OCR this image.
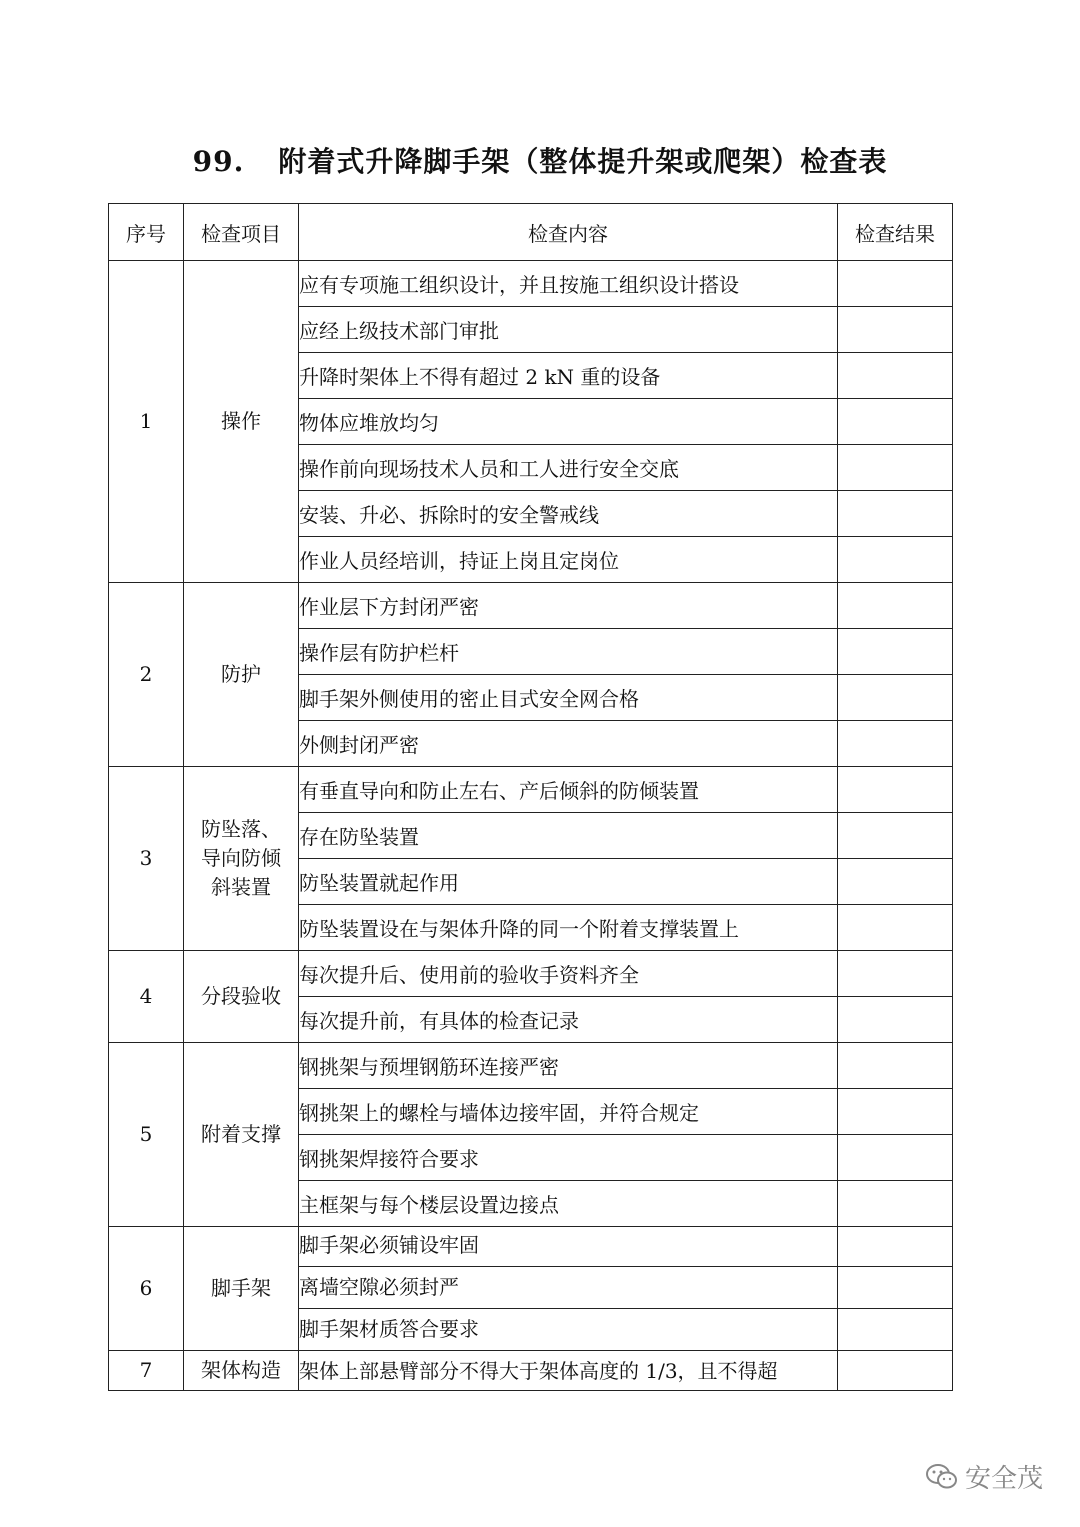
99. 附着式升降脚手架（整体提升架或爬架）检查表
序号	检查项目	检查内容	检查结果
1	操作	应有专项施工组织设计，并且按施工组织设计搭设	
		应经上级技术部门审批	
		升降时架体上不得有超过 2 kN 重的设备	
		物体应堆放均匀	
		操作前向现场技术人员和工人进行安全交底	
		安装、升必、拆除时的安全警戒线	
		作业人员经培训，持证上岗且定岗位	
2	防护	作业层下方封闭严密	
		操作层有防护栏杆	
		脚手架外侧使用的密止目式安全网合格	
		外侧封闭严密	
3	防坠落、导向防倾斜装置	有垂直导向和防止左右、产后倾斜的防倾装置	
		存在防坠装置	
		防坠装置就起作用	
		防坠装置设在与架体升降的同一个附着支撑装置上	
4	分段验收	每次提升后、使用前的验收手资料齐全	
		每次提升前，有具体的检查记录	
5	附着支撑	钢挑架与预埋钢筋环连接严密	
		钢挑架上的螺栓与墙体边接牢固，并符合规定	
		钢挑架焊接符合要求	
		主框架与每个楼层设置边接点	
6	脚手架	脚手架必须铺设牢固	
		离墙空隙必须封严	
		脚手架材质答合要求	
7	架体构造	架体上部悬臂部分不得大于架体高度的 1/3，且不得超	
安全茂
